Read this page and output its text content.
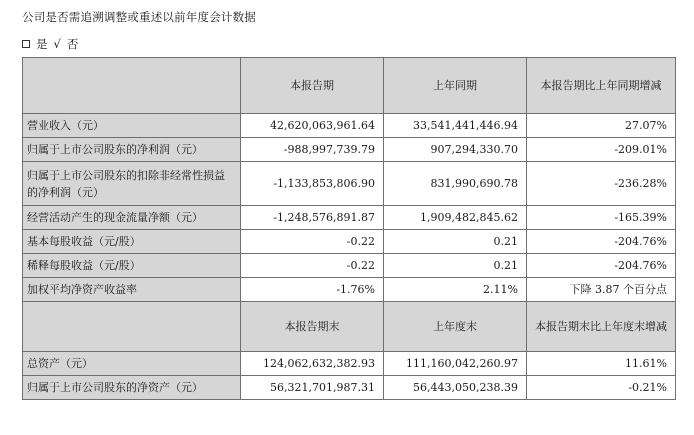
公司是否需追溯调整或重述以前年度会计数据
是 √ 否
	本报告期	上年同期	本报告期比上年同期增减
营业收入（元）	42,620,063,961.64	33,541,441,446.94	27.07%
归属于上市公司股东的净利润（元）	-988,997,739.79	907,294,330.70	-209.01%
归属于上市公司股东的扣除非经常性损益的净利润（元）	-1,133,853,806.90	831,990,690.78	-236.28%
经营活动产生的现金流量净额（元）	-1,248,576,891.87	1,909,482,845.62	-165.39%
基本每股收益（元/股）	-0.22	0.21	-204.76%
稀释每股收益（元/股）	-0.22	0.21	-204.76%
加权平均净资产收益率	-1.76%	2.11%	下降 3.87 个百分点
	本报告期末	上年度末	本报告期末比上年度末增减
总资产（元）	124,062,632,382.93	111,160,042,260.97	11.61%
归属于上市公司股东的净资产（元）	56,321,701,987.31	56,443,050,238.39	-0.21%
